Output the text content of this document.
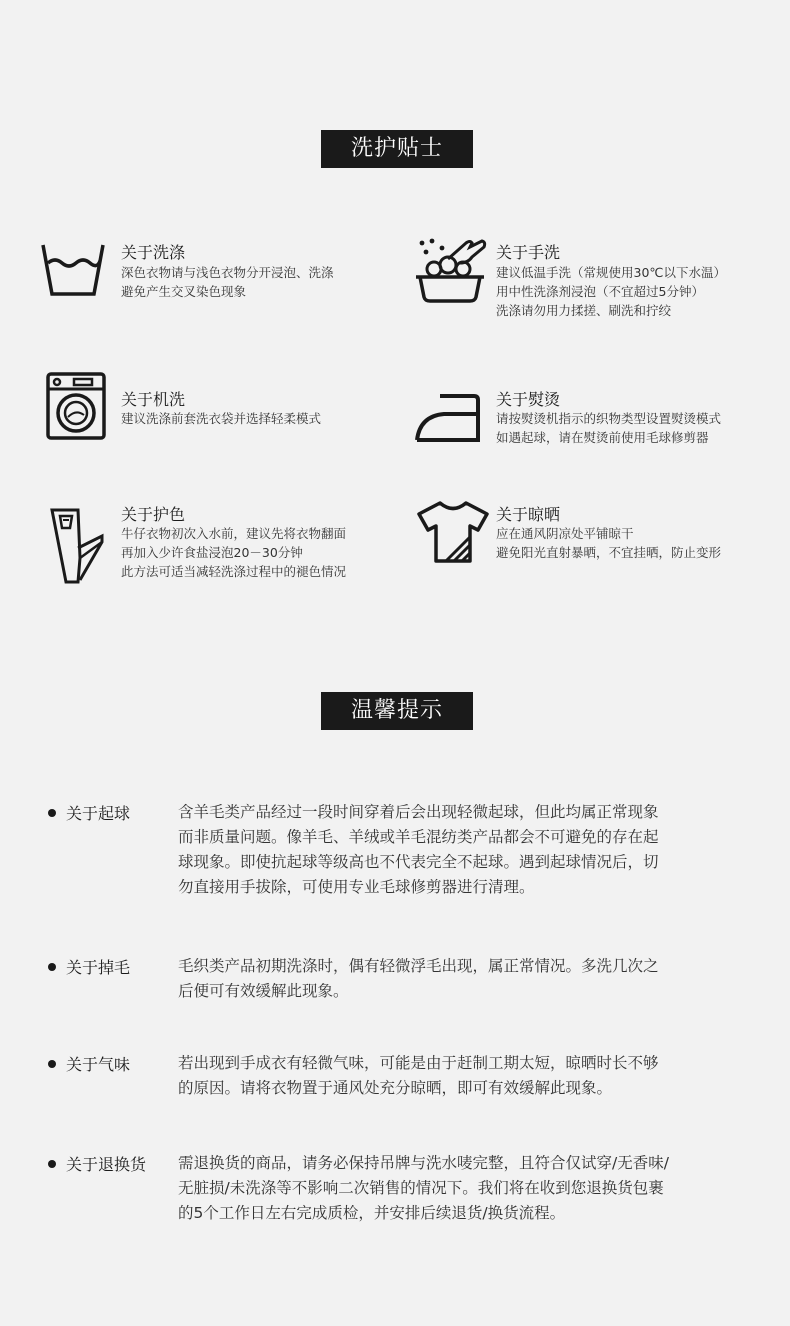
洗护贴士
关于洗涤
深色衣物请与浅色衣物分开浸泡、洗涤
避免产生交叉染色现象
关于手洗
建议低温手洗（常规使用30℃以下水温）
用中性洗涤剂浸泡（不宜超过5分钟）
洗涤请勿用力揉搓、刷洗和拧绞
关于机洗
建议洗涤前套洗衣袋并选择轻柔模式
关于熨烫
请按熨烫机指示的织物类型设置熨烫模式
如遇起球，请在熨烫前使用毛球修剪器
关于护色
牛仔衣物初次入水前，建议先将衣物翻面
再加入少许食盐浸泡20－30分钟
此方法可适当减轻洗涤过程中的褪色情况
关于晾晒
应在通风阴凉处平铺晾干
避免阳光直射暴晒，不宜挂晒，防止变形
温馨提示
关于起球	含羊毛类产品经过一段时间穿着后会出现轻微起球，但此均属正常现象
而非质量问题。像羊毛、羊绒或羊毛混纺类产品都会不可避免的存在起
球现象。即使抗起球等级高也不代表完全不起球。遇到起球情况后，切
勿直接用手拔除，可使用专业毛球修剪器进行清理。
关于掉毛	毛织类产品初期洗涤时，偶有轻微浮毛出现，属正常情况。多洗几次之
后便可有效缓解此现象。
关于气味	若出现到手成衣有轻微气味，可能是由于赶制工期太短，晾晒时长不够
的原因。请将衣物置于通风处充分晾晒，即可有效缓解此现象。
关于退换货 需退换货的商品，请务必保持吊牌与洗水唛完整，且符合仅试穿/无香味/
无脏损/未洗涤等不影响二次销售的情况下。我们将在收到您退换货包裹
的5个工作日左右完成质检，并安排后续退货/换货流程。
